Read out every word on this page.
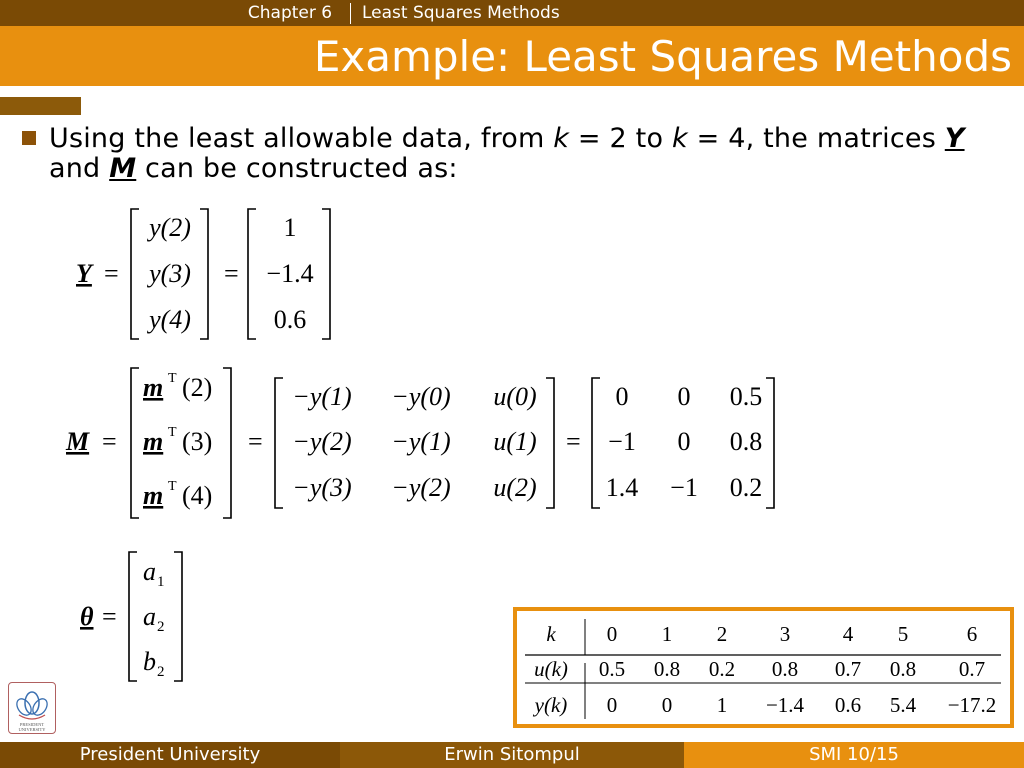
Chapter 6	Least Squares Methods
Example: Least Squares Methods
Using the least allowable data, from k = 2 to k = 4, the matrices Y and M can be constructed as:
Y =
y(2)
y(3)
y(4)
=
1
−1.4
0.6
M =
m T (2)
m T (3)
m T (4)
=
−y(1) −y(0) u(0)
−y(2) −y(1) u(1)
−y(3) −y(2) u(2)
=
0 0 0.5
−1 0 0.8
1.4 −1 0.2
θ =
a 1
a 2
b 2
k 0 1 2	3	4 5	6
u(k) 0.5 0.8 0.2 0.8 0.7 0.8 0.7
y(k) 0 0 1 −1.4 0.6 5.4 −17.2
PRESIDENT
UNIVERSITY
President University	Erwin Sitompul	SMI 10/15
